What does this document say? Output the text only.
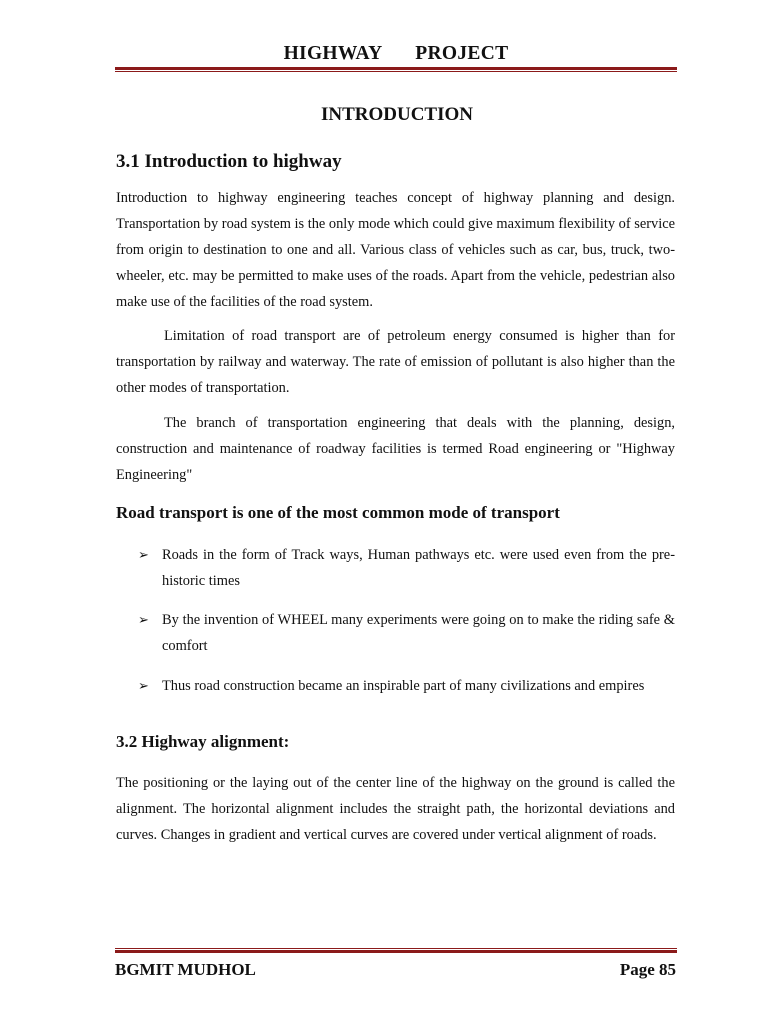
HIGHWAY   PROJECT
INTRODUCTION
3.1 Introduction to highway

Introduction to highway engineering teaches concept of highway planning and design. Transportation by road system is the only mode which could give maximum flexibility of service from origin to destination to one and all. Various class of vehicles such as car, bus, truck, two-wheeler, etc. may be permitted to make uses of the roads. Apart from the vehicle, pedestrian also make use of the facilities of the road system.

Limitation of road transport are of petroleum energy consumed is higher than for transportation by railway and waterway. The rate of emission of pollutant is also higher than the other modes of transportation.

The branch of transportation engineering that deals with the planning, design, construction and maintenance of roadway facilities is termed Road engineering or "Highway Engineering"

Road transport is one of the most common mode of transport
➢ Roads in the form of Track ways, Human pathways etc. were used even from the pre-historic times

➢ By the invention of WHEEL many experiments were going on to make the riding safe & comfort

➢ Thus road construction became an inspirable part of many civilizations and empires

3.2 Highway alignment:

The positioning or the laying out of the center line of the highway on the ground is called the alignment. The horizontal alignment includes the straight path, the horizontal deviations and curves. Changes in gradient and vertical curves are covered under vertical alignment of roads.

BGMIT MUDHOL	Page 85
